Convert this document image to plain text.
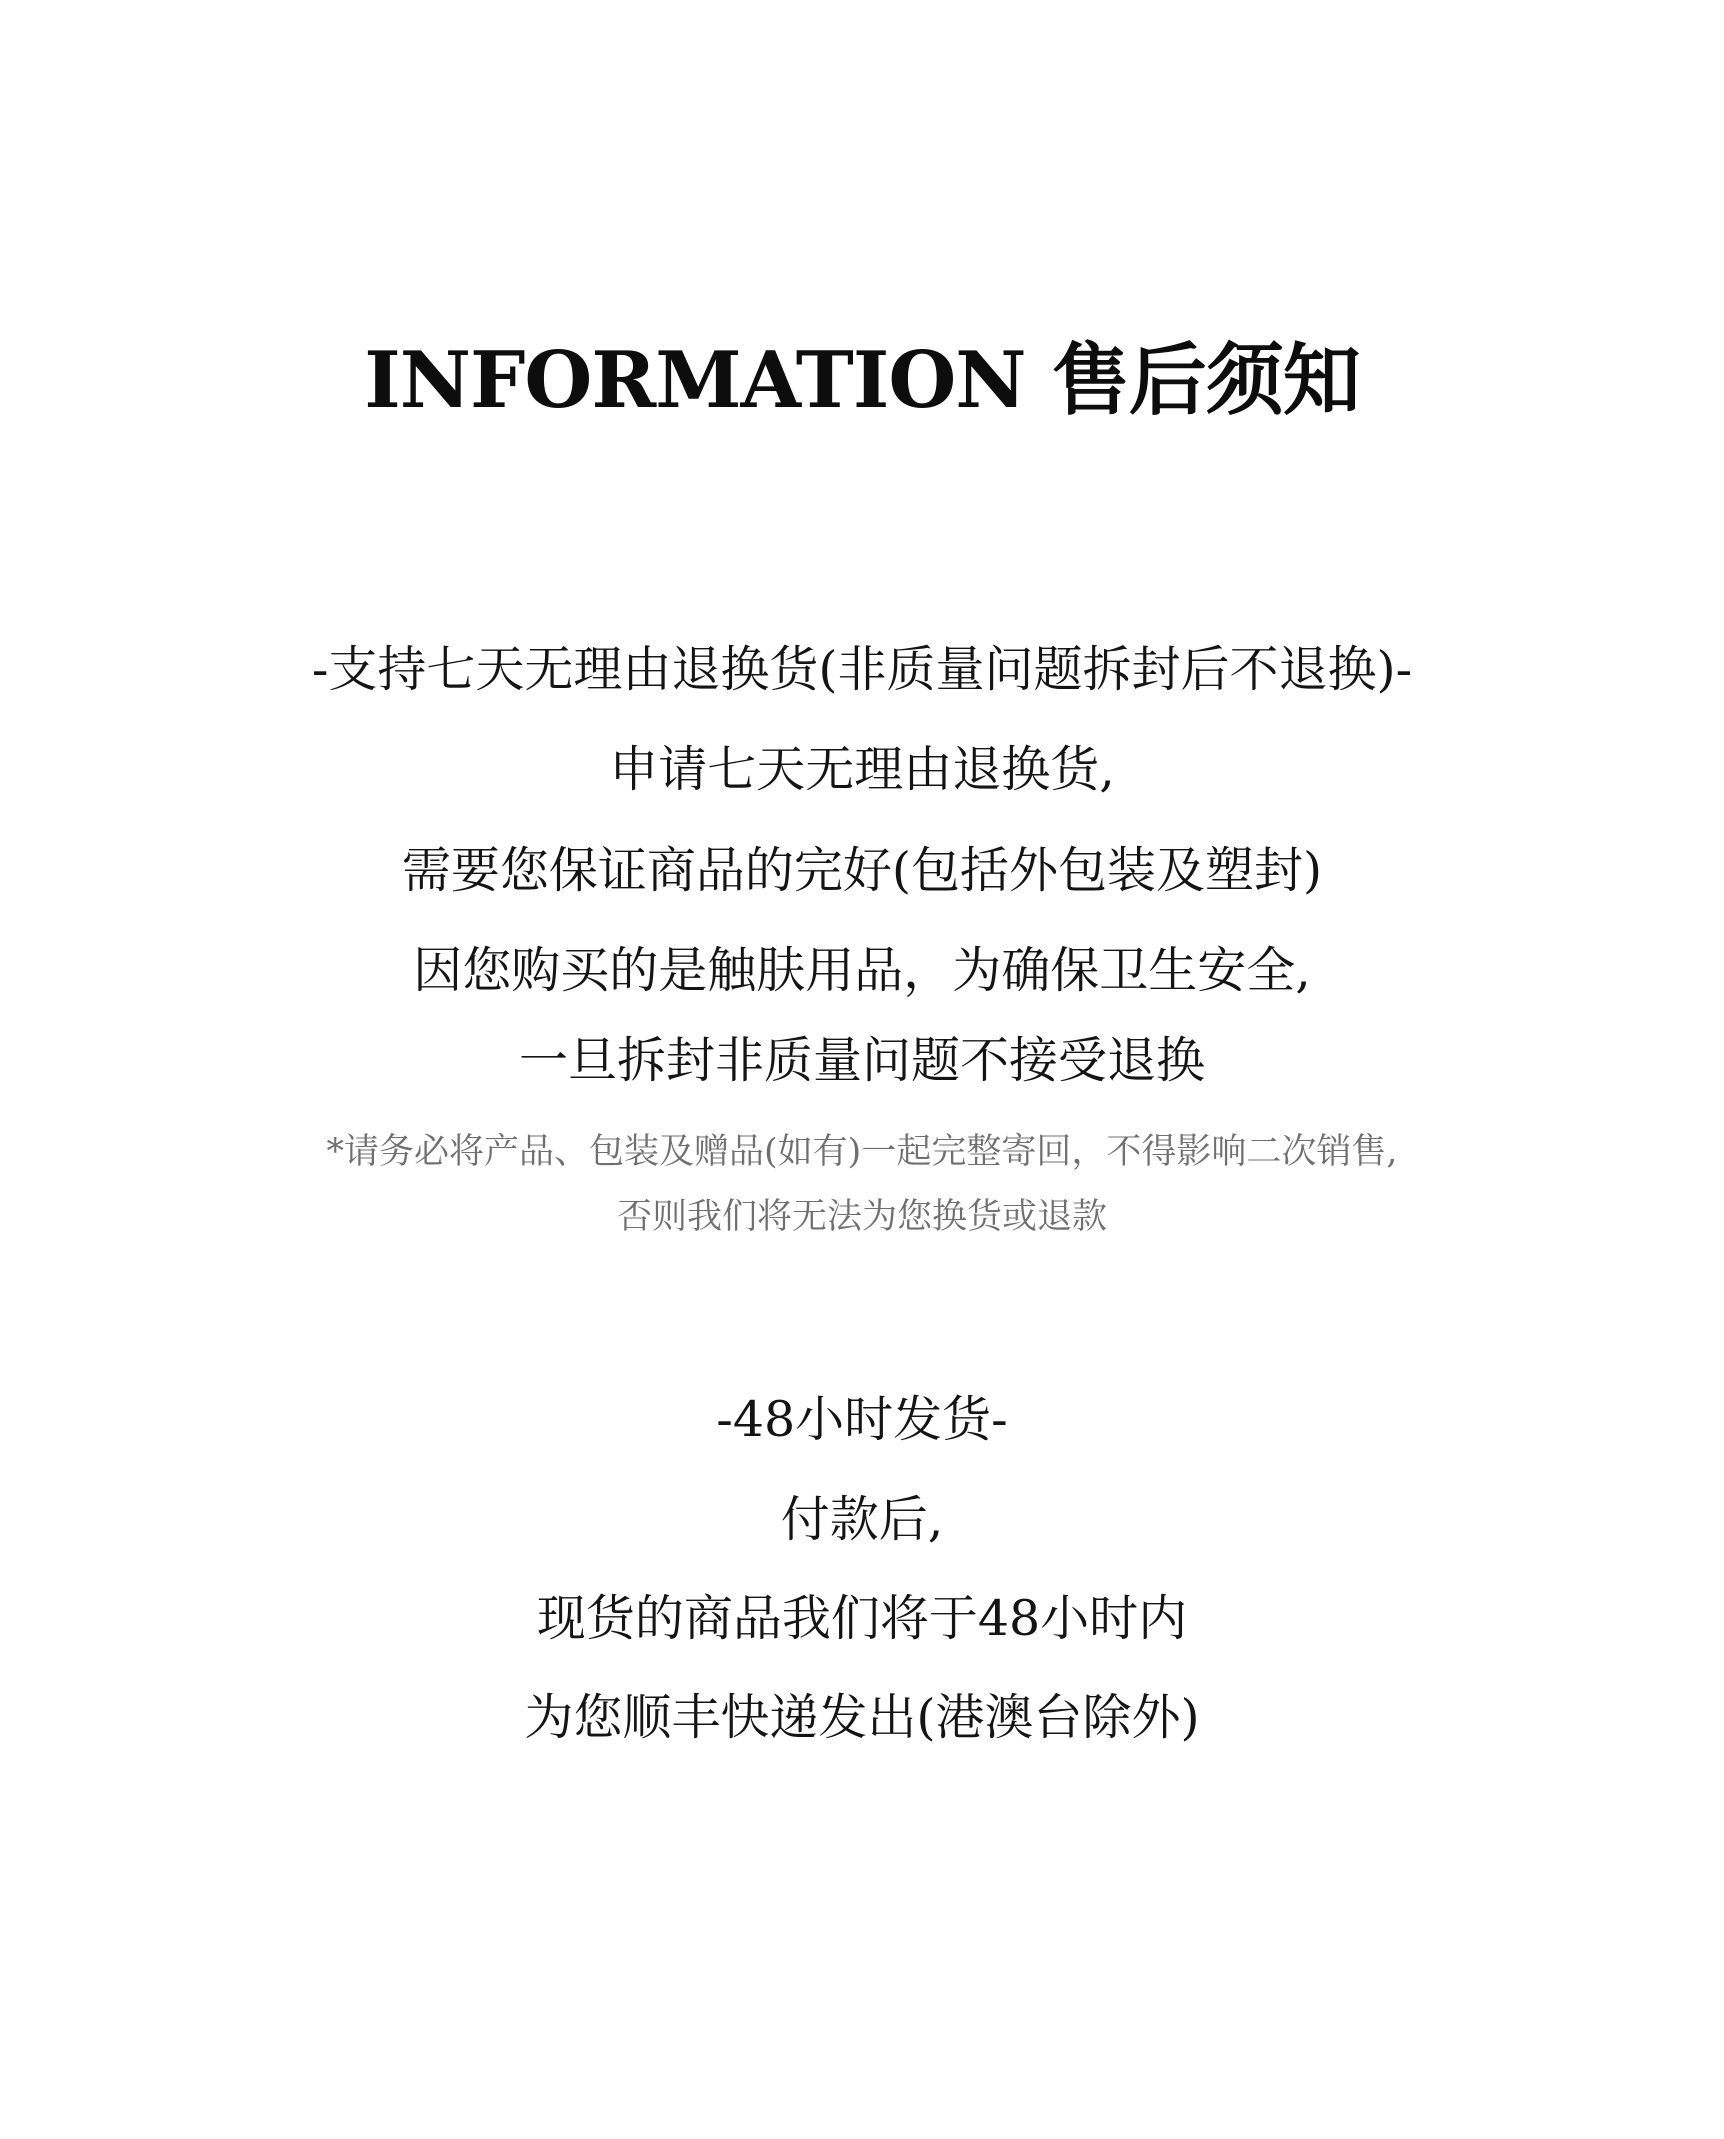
INFORMATION 售后须知
-支持七天无理由退换货(非质量问题拆封后不退换)-
申请七天无理由退换货,
需要您保证商品的完好(包括外包装及塑封)
因您购买的是触肤用品，为确保卫生安全,
一旦拆封非质量问题不接受退换
*请务必将产品、包装及赠品(如有)一起完整寄回，不得影响二次销售,
否则我们将无法为您换货或退款
-48小时发货-
付款后,
现货的商品我们将于48小时内
为您顺丰快递发出(港澳台除外)
